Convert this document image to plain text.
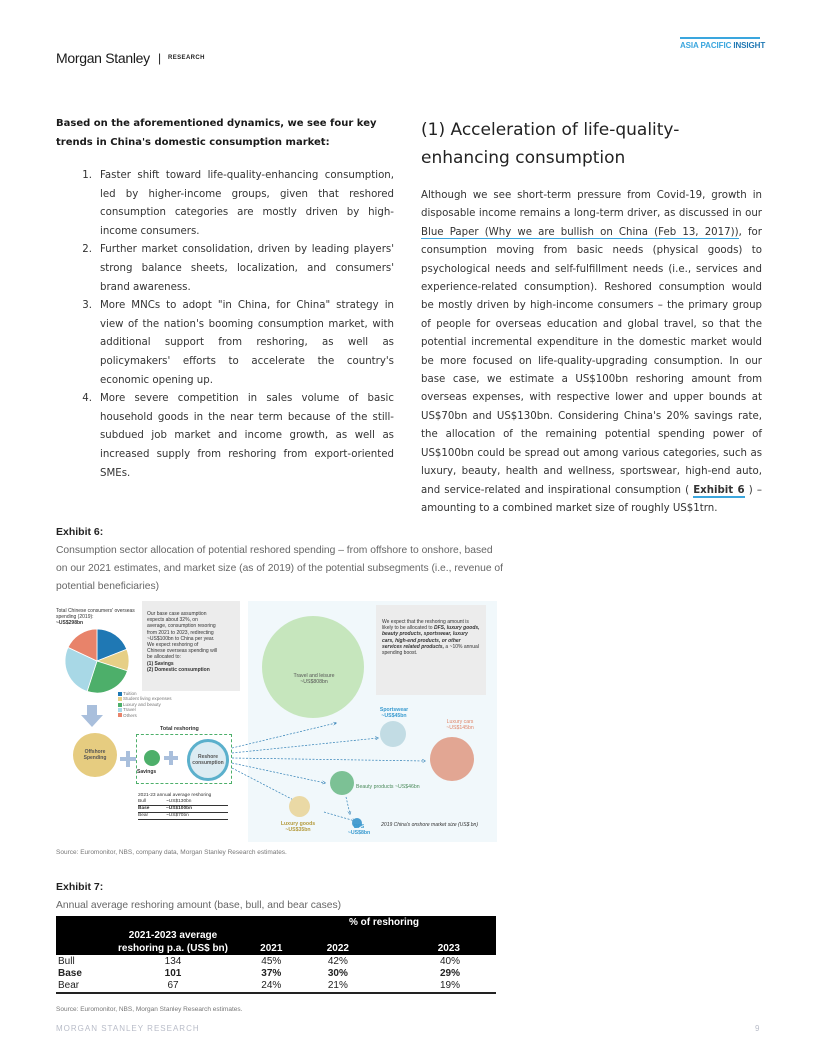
Morgan Stanley | RESEARCH
ASIA PACIFIC INSIGHT
Based on the aforementioned dynamics, we see four key trends in China's domestic consumption market:
1. Faster shift toward life-quality-enhancing consumption, led by higher-income groups, given that reshored consumption categories are mostly driven by high-income consumers.
2. Further market consolidation, driven by leading players' strong balance sheets, localization, and consumers' brand awareness.
3. More MNCs to adopt "in China, for China" strategy in view of the nation's booming consumption market, with additional support from reshoring, as well as policymakers' efforts to accelerate the country's economic opening up.
4. More severe competition in sales volume of basic household goods in the near term because of the still-subdued job market and income growth, as well as increased supply from reshoring from export-oriented SMEs.
(1) Acceleration of life-quality-enhancing consumption

Although we see short-term pressure from Covid-19, growth in disposable income remains a long-term driver, as discussed in our Blue Paper (Why we are bullish on China (Feb 13, 2017)), for consumption moving from basic needs (physical goods) to psychological needs and self-fulfillment needs (i.e., services and experience-related consumption). Reshored consumption would be mostly driven by high-income consumers – the primary group of people for overseas education and global travel, so that the potential incremental expenditure in the domestic market would be more focused on life-quality-upgrading consumption. In our base case, we estimate a US$100bn reshoring amount from overseas expenses, with respective lower and upper bounds at US$70bn and US$130bn. Considering China's 20% savings rate, the allocation of the remaining potential spending power of US$100bn could be spread out among various categories, such as luxury, beauty, health and wellness, sportswear, high-end auto, and service-related and inspirational consumption ( Exhibit 6 ) – amounting to a combined market size of roughly US$1trn.

Exhibit 6:
Consumption sector allocation of potential reshored spending – from offshore to onshore, based on our 2021 estimates, and market size (as of 2019) of the potential subsegments (i.e., revenue of potential beneficiaries)
Total Chinese consumers' overseas spending (2019):
~US$298bn
Tuition
Student living expenses
Luxury and beauty
Travel
Others
Our base case assumption
expects about 32%, on
average, consumption resoring
from 2021 to 2023, redirecting
~US$100bn to China per year.
We expect reshoring of
Chinese overseas spending will
be allocated to:
(1) Savings
(2) Domestic consumption
We expect that the reshoring amount is likely to be allocated to DFS, luxury goods, beauty products, sportswear, luxury cars, high-end products, or other services related products, a ~10% annual spending boost.
Offshore Spending
Total reshoring
Savings
Reshore consumption
2021-23 annual average reshoring
Bull	~US$130bn
Base	~US$100bn
Bear	~US$70bn
Travel and leisure
~US$808bn
Sportswear
~US$45bn
Luxury cars
~US$145bn
Beauty products ~US$46bn
Luxury goods
~US$35bn	DFS
~US$8bn
2019 China's onshore market size (US$ bn)
Source: Euromonitor, NBS, company data, Morgan Stanley Research estimates.
Exhibit 7:
Annual average reshoring amount (base, bull, and bear cases)
		% of reshoring		
	2021-2023 average			
	reshoring p.a. (US$ bn)	2021	2022	2023
Bull	134	45%	42%	40%
Base	101	37%	30%	29%
Bear	67	24%	21%	19%
Source: Euromonitor, NBS, Morgan Stanley Research estimates.
MORGAN STANLEY RESEARCH	9
